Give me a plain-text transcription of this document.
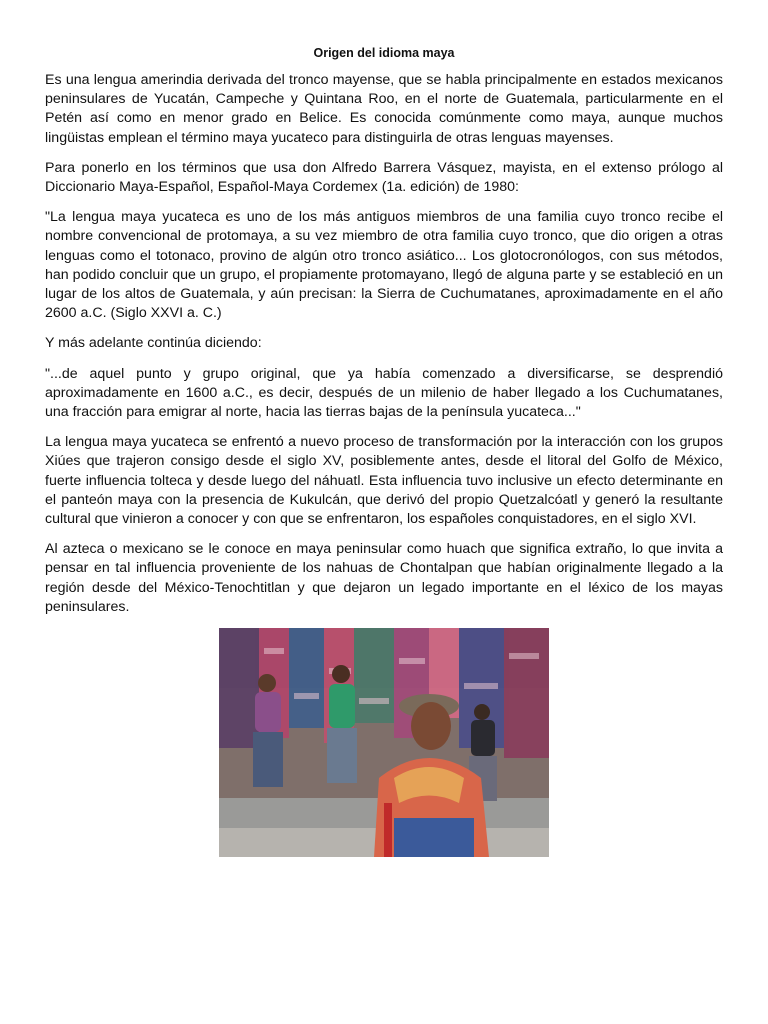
Origen del idioma maya

Es una lengua amerindia derivada del tronco mayense, que se habla principalmente en estados mexicanos peninsulares de Yucatán, Campeche y Quintana Roo, en el norte de Guatemala, particularmente en el Petén así como en menor grado en Belice. Es conocida comúnmente como maya, aunque muchos lingüistas emplean el término maya yucateco para distinguirla de otras lenguas mayenses.

Para ponerlo en los términos que usa don Alfredo Barrera Vásquez, mayista, en el extenso prólogo al Diccionario Maya-Español, Español-Maya Cordemex (1a. edición) de 1980:

"La lengua maya yucateca es uno de los más antiguos miembros de una familia cuyo tronco recibe el nombre convencional de protomaya, a su vez miembro de otra familia cuyo tronco, que dio origen a otras lenguas como el totonaco, provino de algún otro tronco asiático... Los glotocronólogos, con sus métodos, han podido concluir que un grupo, el propiamente protomayano, llegó de alguna parte y se estableció en un lugar de los altos de Guatemala, y aún precisan: la Sierra de Cuchumatanes, aproximadamente en el año 2600 a.C. (Siglo XXVI a. C.)

Y más adelante continúa diciendo:

"...de aquel punto y grupo original, que ya había comenzado a diversificarse, se desprendió aproximadamente en 1600 a.C., es decir, después de un milenio de haber llegado a los Cuchumatanes, una fracción para emigrar al norte, hacia las tierras bajas de la península yucateca..."

La lengua maya yucateca se enfrentó a nuevo proceso de transformación por la interacción con los grupos Xiúes que trajeron consigo desde el siglo XV, posiblemente antes, desde el litoral del Golfo de México, fuerte influencia tolteca y desde luego del náhuatl. Esta influencia tuvo inclusive un efecto determinante en el panteón maya con la presencia de Kukulcán, que derivó del propio Quetzalcóatl y generó la resultante cultural que vinieron a conocer y con que se enfrentaron, los españoles conquistadores, en el siglo XVI.

Al azteca o mexicano se le conoce en maya peninsular como huach que significa extraño, lo que invita a pensar en tal influencia proveniente de los nahuas de Chontalpan que habían originalmente llegado a la región desde del México-Tenochtitlan y que dejaron un legado importante en el léxico de los mayas peninsulares.
